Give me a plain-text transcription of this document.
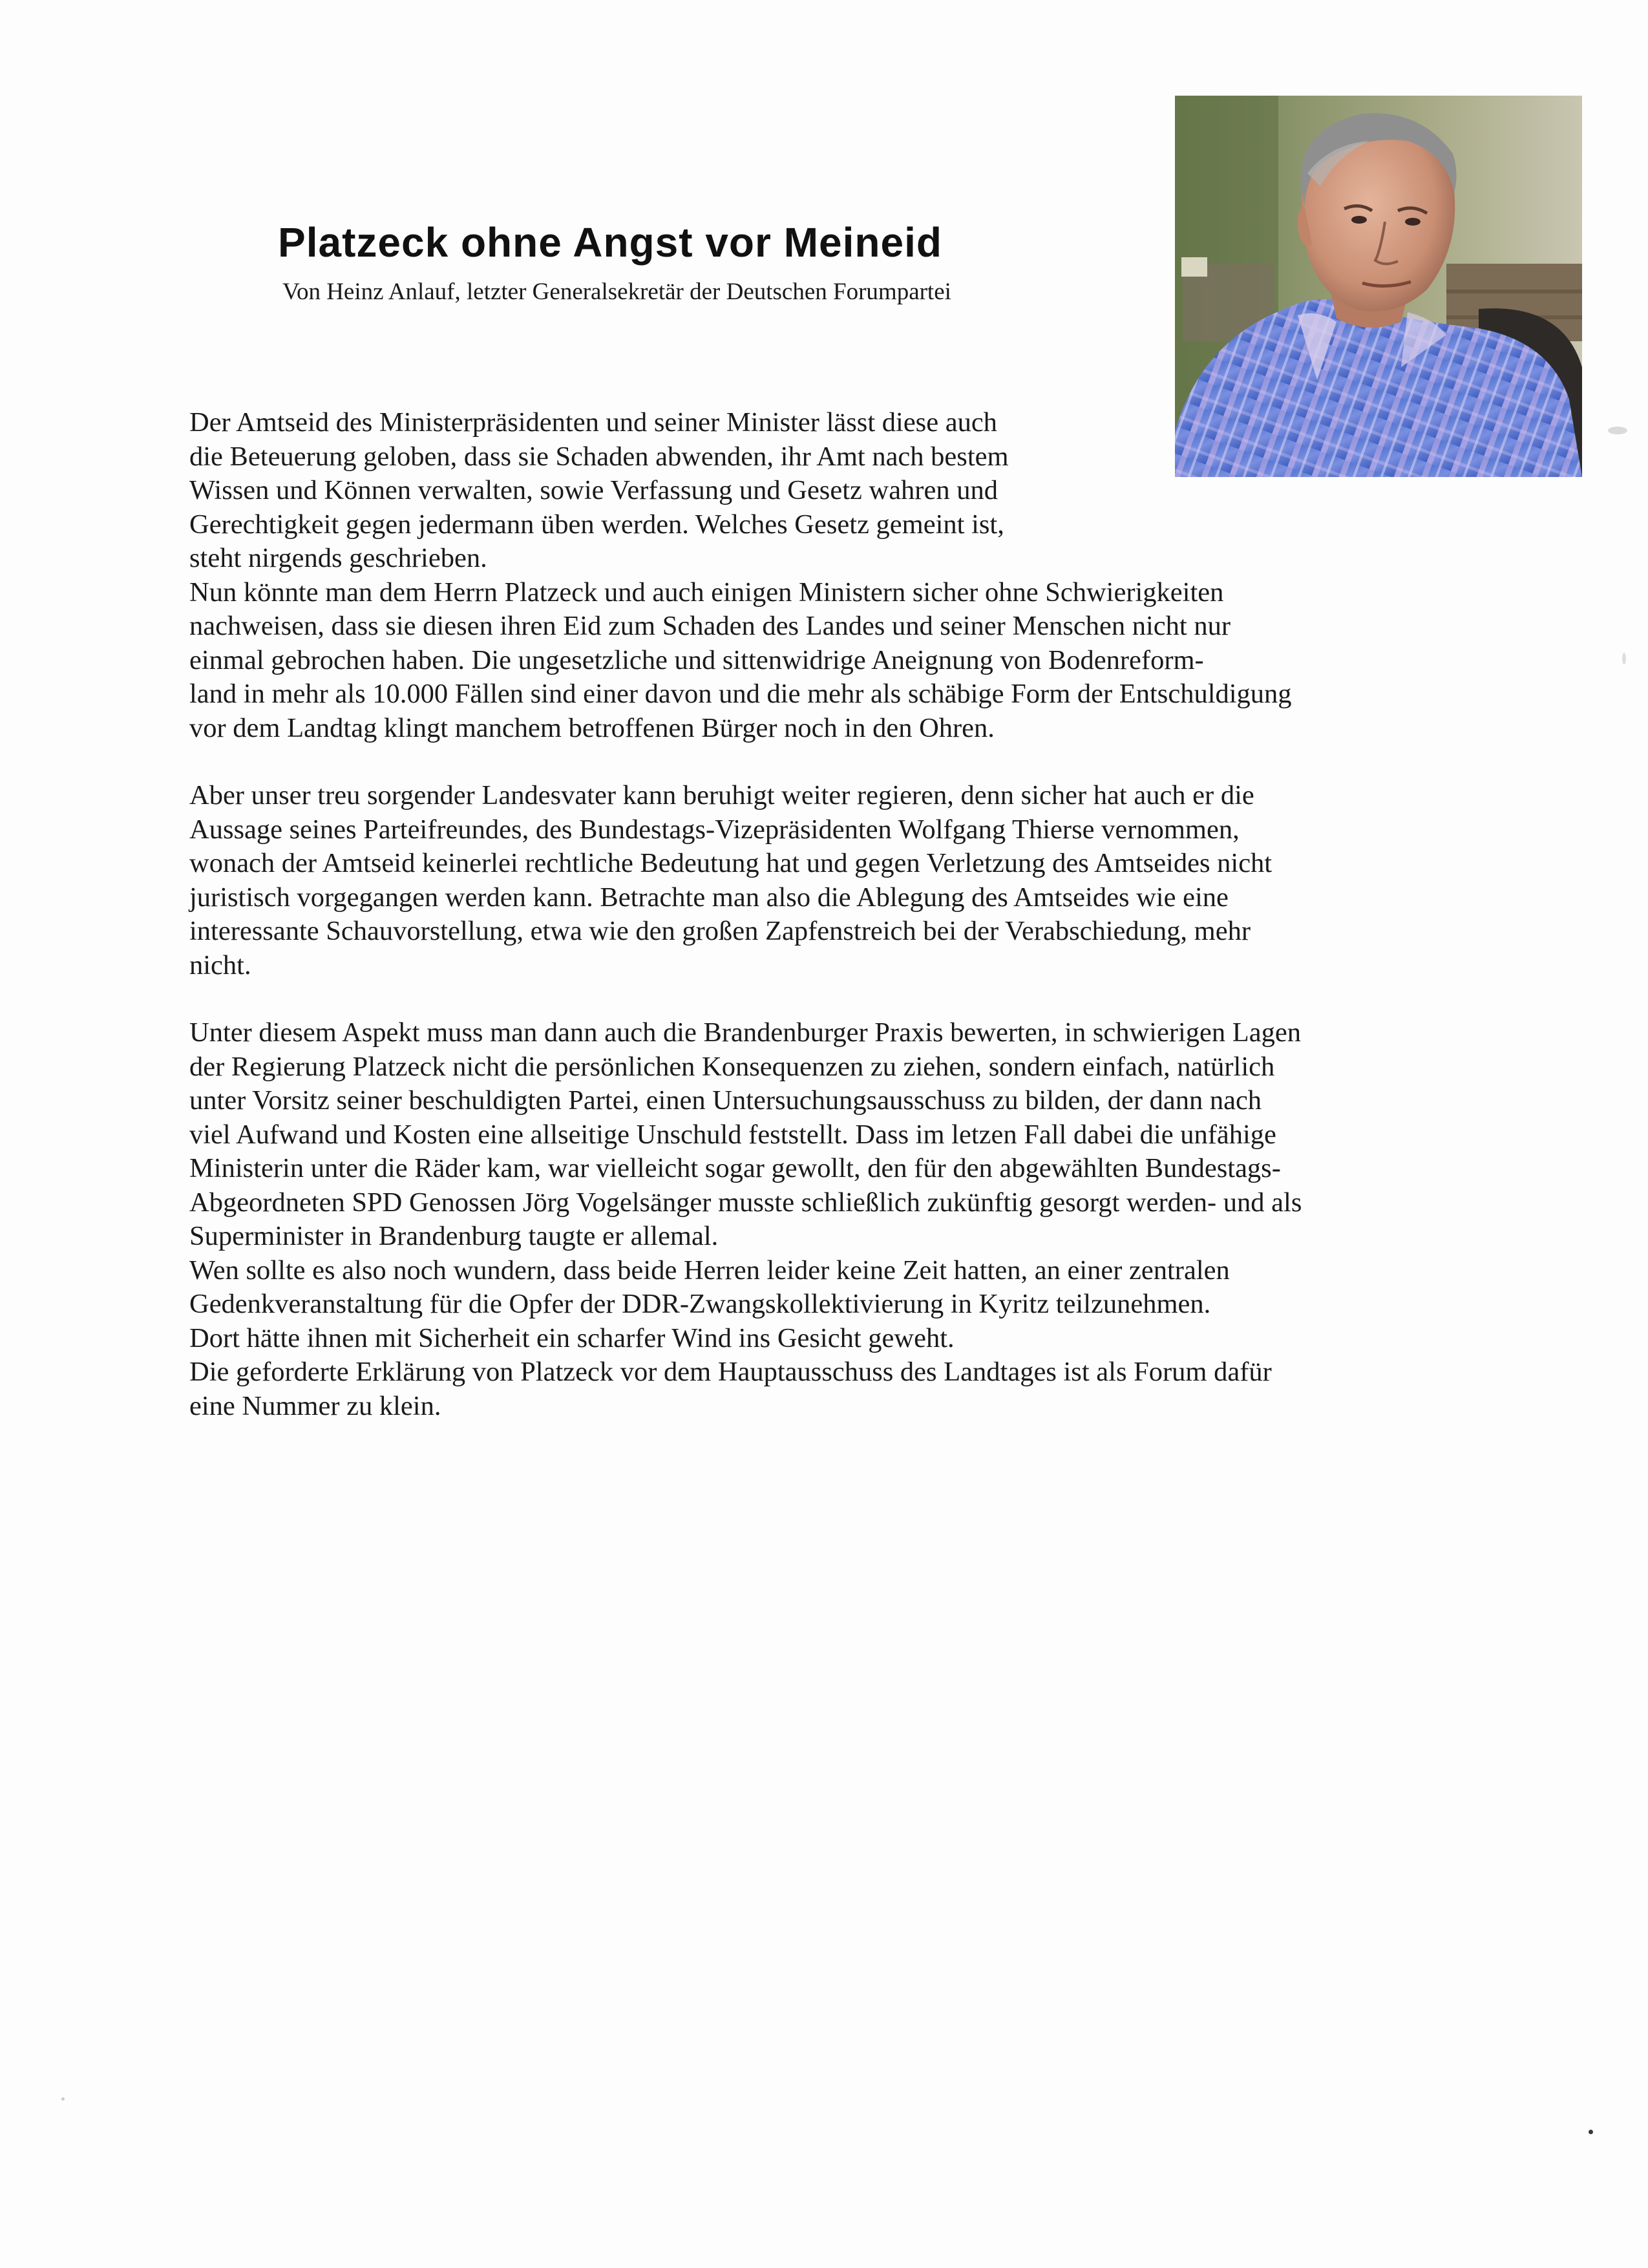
Platzeck ohne Angst vor Meineid
Von Heinz Anlauf, letzter Generalsekretär der Deutschen Forumpartei
Der Amtseid des Ministerpräsidenten und seiner Minister lässt diese auch
die Beteuerung geloben, dass sie Schaden abwenden, ihr Amt nach bestem
Wissen und Können verwalten, sowie Verfassung und Gesetz wahren und
Gerechtigkeit gegen jedermann üben werden. Welches Gesetz gemeint ist,
steht nirgends geschrieben.
Nun könnte man dem Herrn Platzeck und auch einigen Ministern sicher ohne Schwierigkeiten
nachweisen, dass sie diesen ihren Eid zum Schaden des Landes und seiner Menschen nicht nur
einmal gebrochen haben. Die ungesetzliche und sittenwidrige Aneignung von Bodenreform-
land in mehr als 10.000 Fällen sind einer davon und die mehr als schäbige Form der Entschuldigung
vor dem Landtag klingt manchem betroffenen Bürger noch in den Ohren.
Aber unser treu sorgender Landesvater kann beruhigt weiter regieren, denn sicher hat auch er die
Aussage seines Parteifreundes, des Bundestags-Vizepräsidenten Wolfgang Thierse vernommen,
wonach der Amtseid keinerlei rechtliche Bedeutung hat und gegen Verletzung des Amtseides nicht
juristisch vorgegangen werden kann. Betrachte man also die Ablegung des Amtseides wie eine
interessante Schauvorstellung, etwa wie den großen Zapfenstreich bei der Verabschiedung, mehr
nicht.
Unter diesem Aspekt muss man dann auch die Brandenburger Praxis bewerten, in schwierigen Lagen
der Regierung Platzeck nicht die persönlichen Konsequenzen zu ziehen, sondern einfach, natürlich
unter Vorsitz seiner beschuldigten Partei, einen Untersuchungsausschuss zu bilden, der dann nach
viel Aufwand und Kosten eine allseitige Unschuld feststellt. Dass im letzen Fall dabei die unfähige
Ministerin unter die Räder kam, war vielleicht sogar gewollt, den für den abgewählten Bundestags-
Abgeordneten SPD Genossen Jörg Vogelsänger musste schließlich zukünftig gesorgt werden- und als
Superminister in Brandenburg taugte er allemal.
Wen sollte es also noch wundern, dass beide Herren leider keine Zeit hatten, an einer zentralen
Gedenkveranstaltung für die Opfer der DDR-Zwangskollektivierung in Kyritz teilzunehmen.
Dort hätte ihnen mit Sicherheit ein scharfer Wind ins Gesicht geweht.
Die geforderte Erklärung von Platzeck vor dem Hauptausschuss des Landtages ist als Forum dafür
eine Nummer zu klein.
